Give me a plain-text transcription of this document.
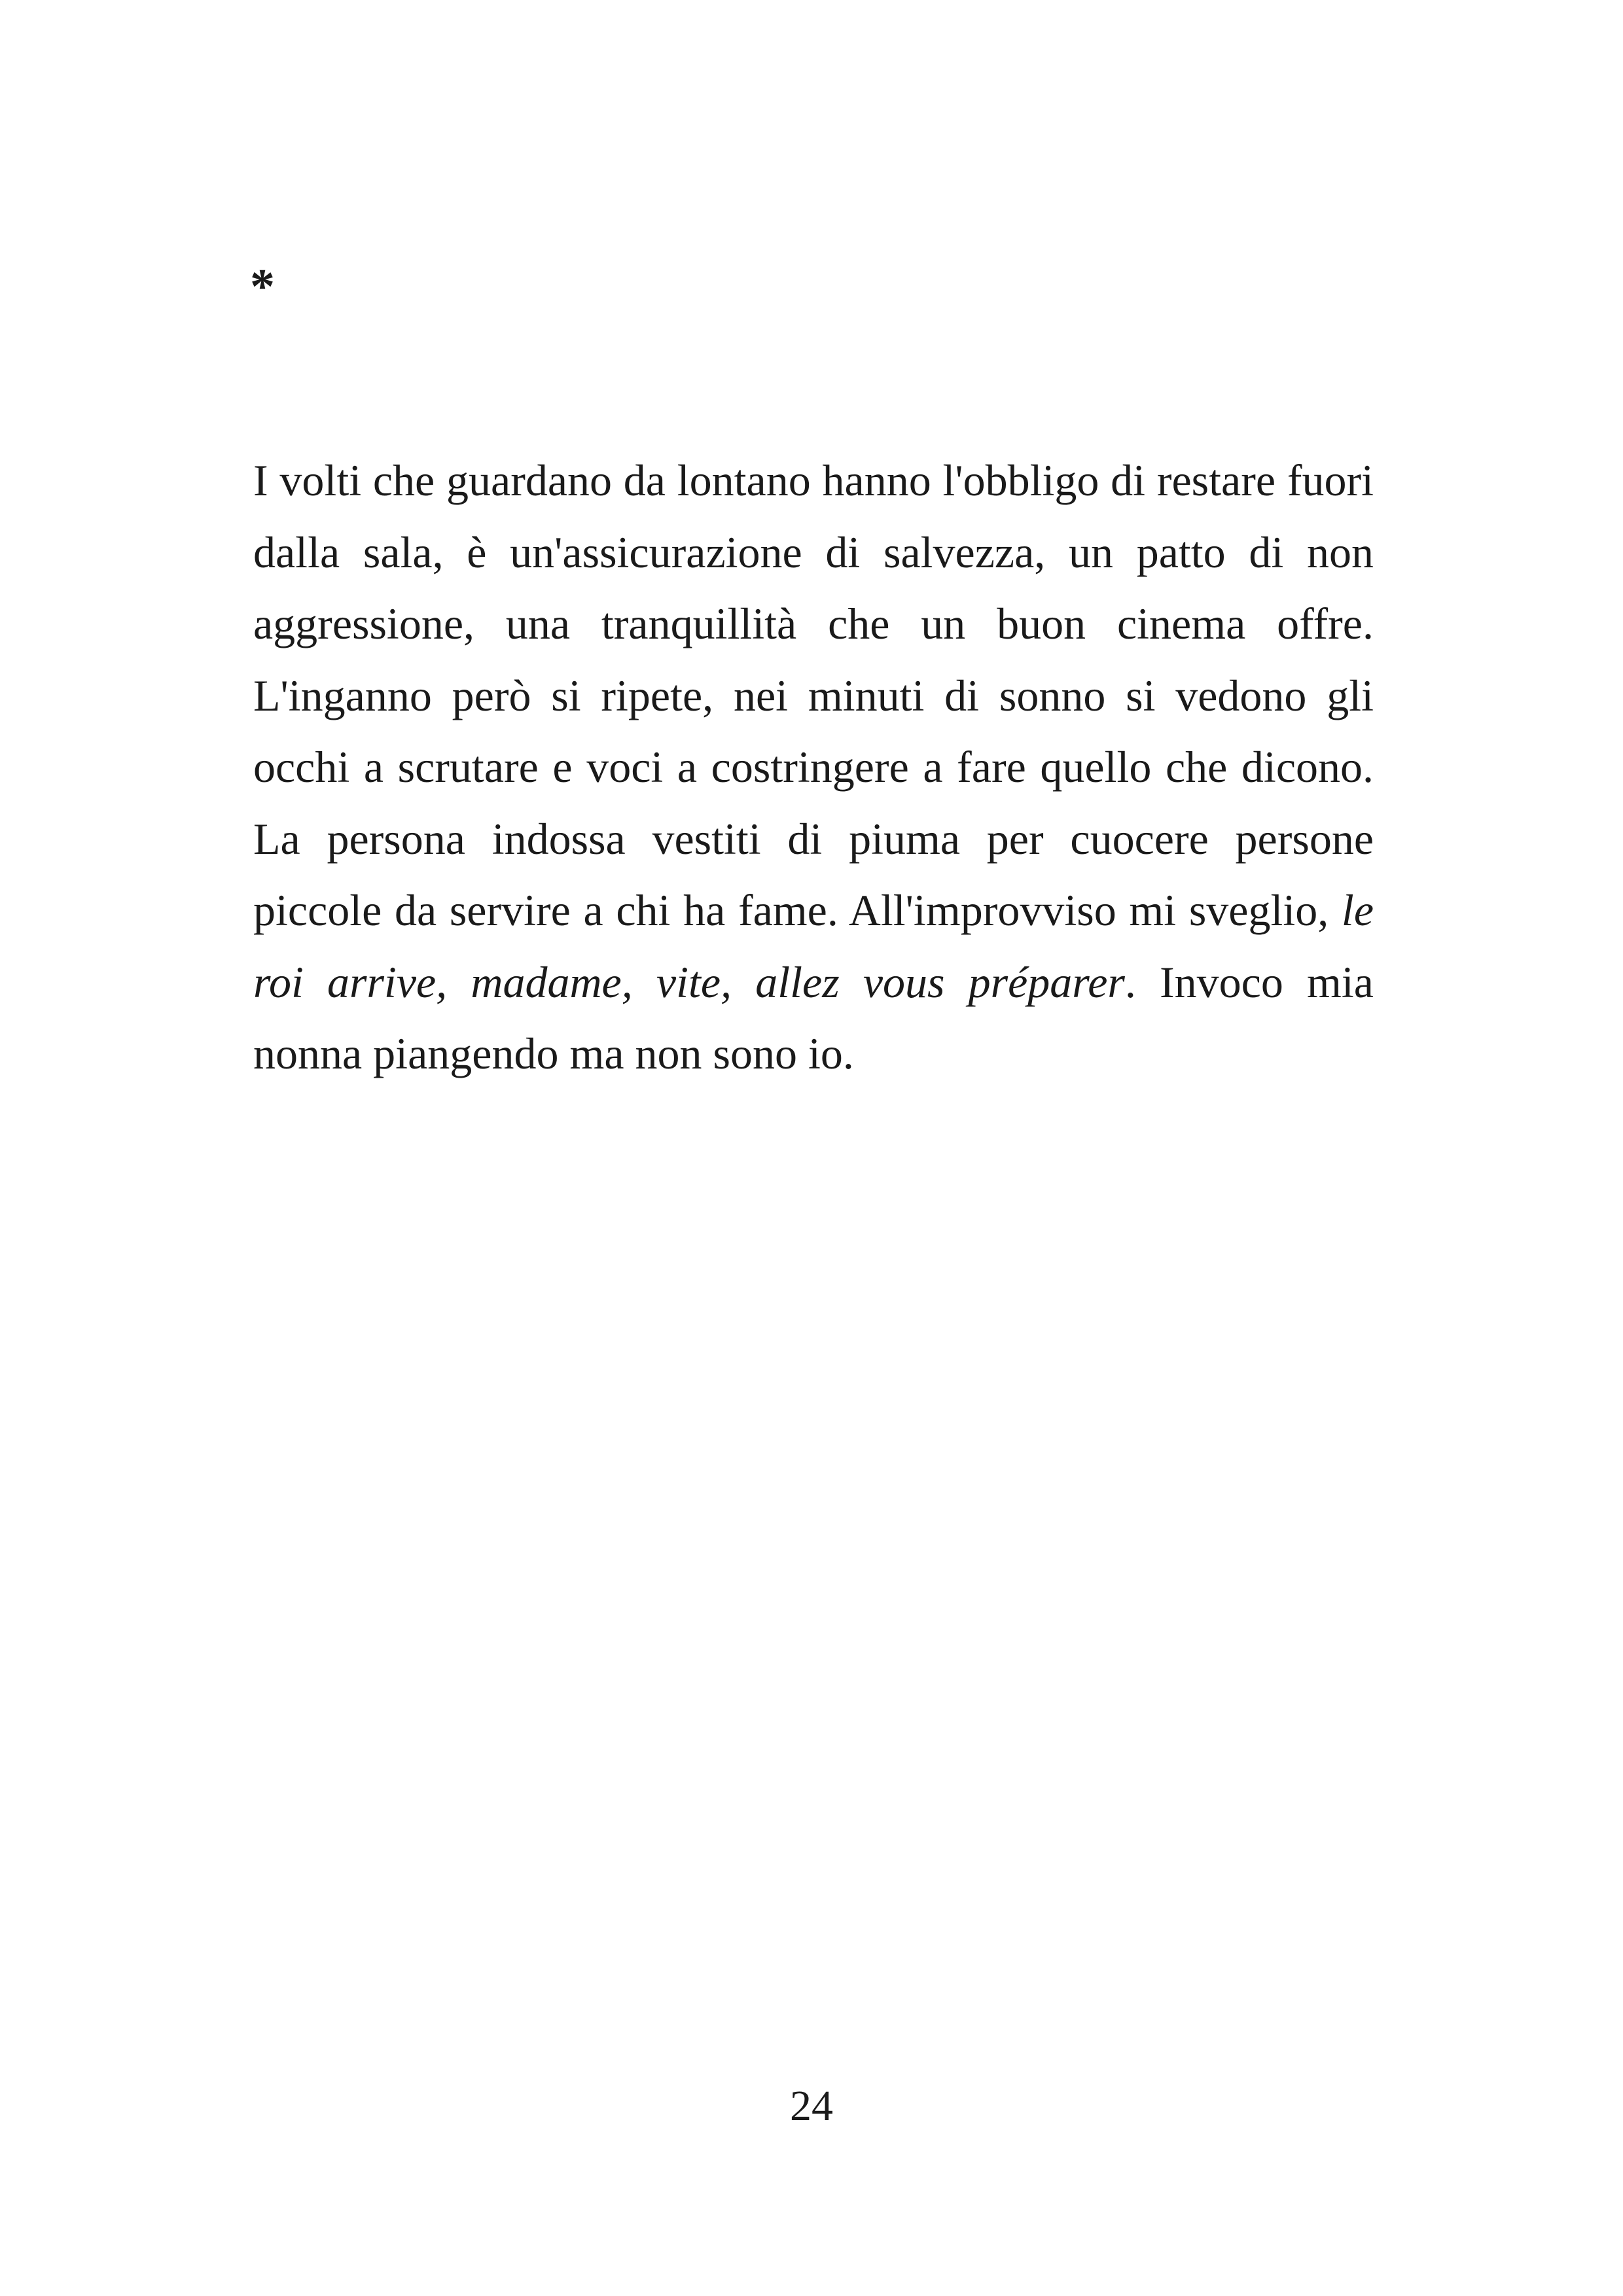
*

I volti che guardano da lontano hanno l'obbligo di restare fuori dalla sala, è un'assicurazione di salvezza, un patto di non aggressione, una tranquillità che un buon cinema offre. L'inganno però si ripete, nei minuti di sonno si vedono gli occhi a scrutare e voci a costringere a fare quello che dicono. La persona indossa vestiti di piuma per cuocere persone piccole da servire a chi ha fame. All'improvviso mi sveglio, le roi arrive, madame, vite, allez vous préparer. Invoco mia nonna piangendo ma non sono io.

24
